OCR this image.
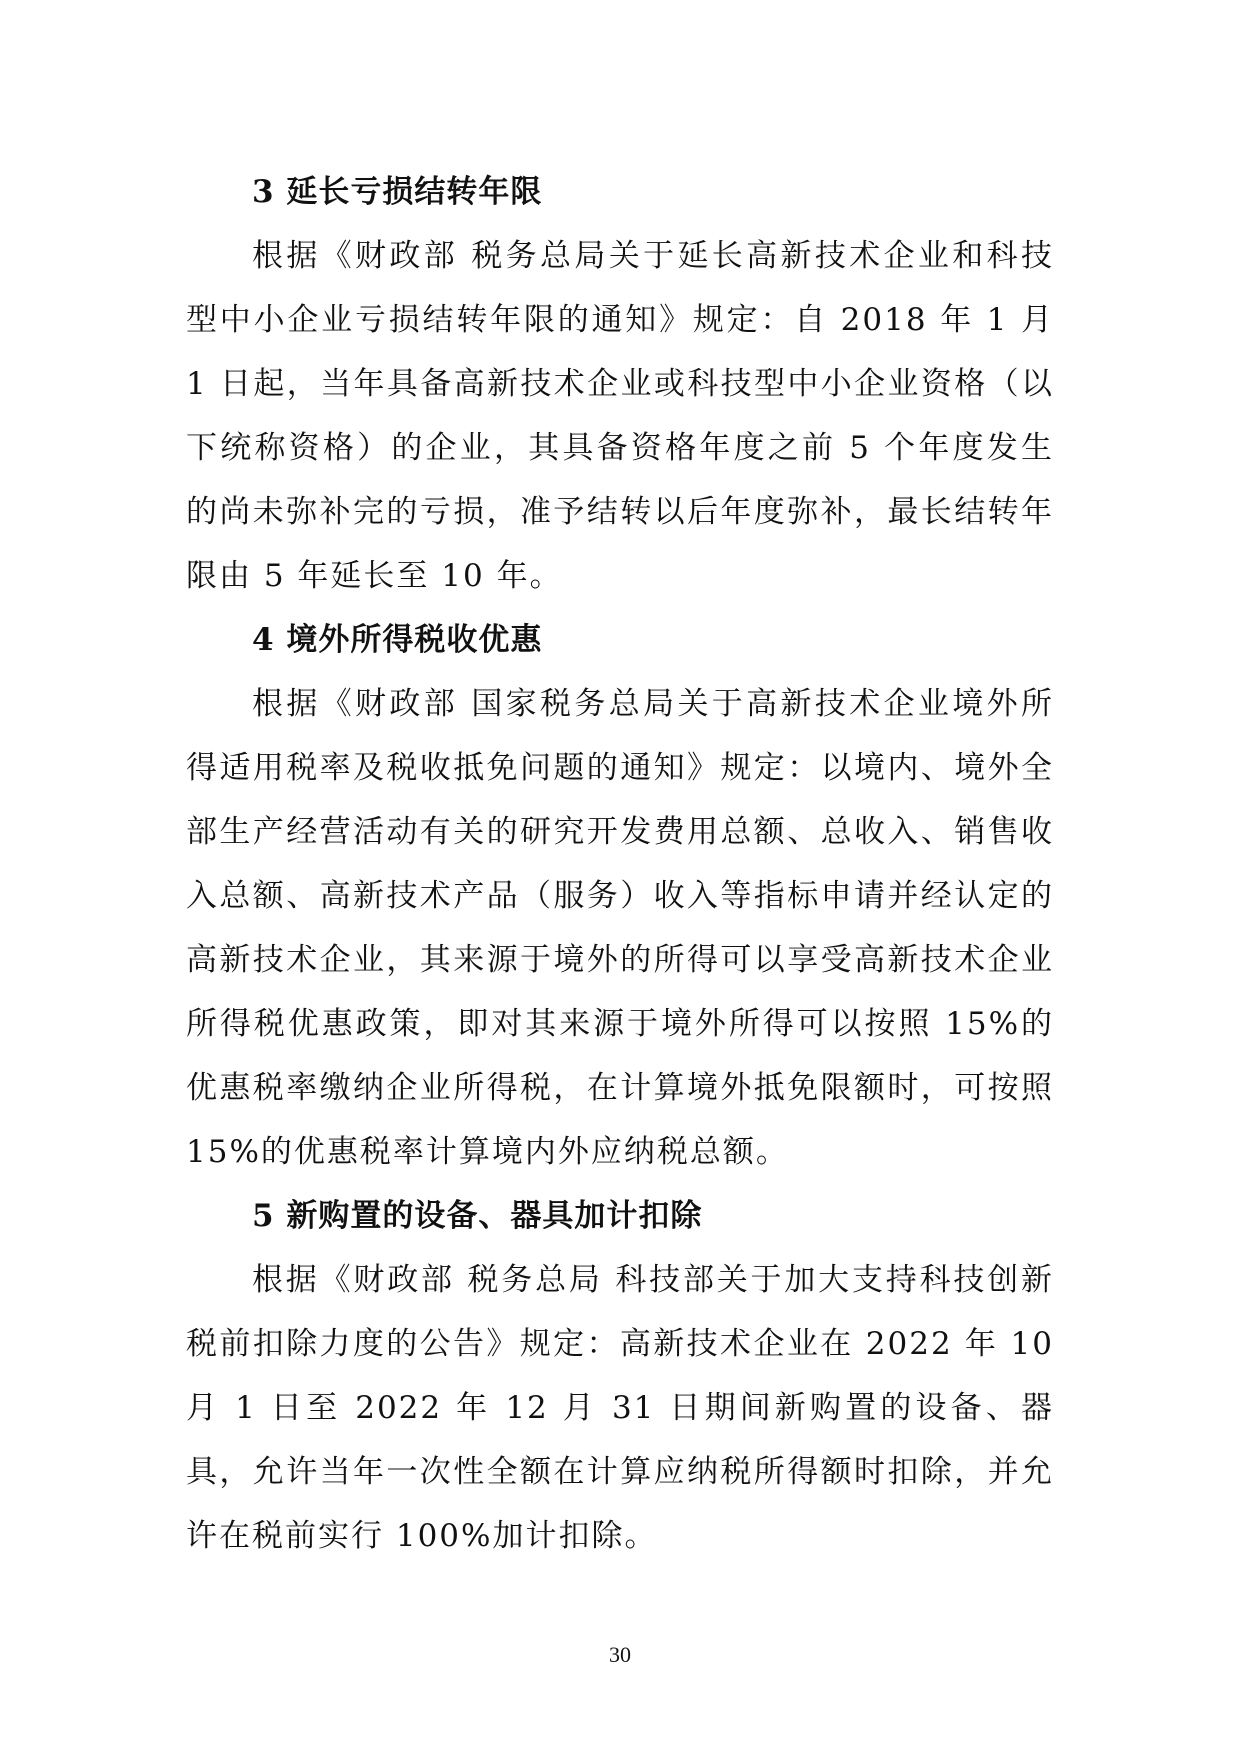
3 延长亏损结转年限

根据《财政部 税务总局关于延长高新技术企业和科技型中小企业亏损结转年限的通知》规定：自 2018 年 1 月 1 日起，当年具备高新技术企业或科技型中小企业资格（以下统称资格）的企业，其具备资格年度之前 5 个年度发生的尚未弥补完的亏损，准予结转以后年度弥补，最长结转年限由 5 年延长至 10 年。

4 境外所得税收优惠

根据《财政部 国家税务总局关于高新技术企业境外所得适用税率及税收抵免问题的通知》规定：以境内、境外全部生产经营活动有关的研究开发费用总额、总收入、销售收入总额、高新技术产品（服务）收入等指标申请并经认定的高新技术企业，其来源于境外的所得可以享受高新技术企业所得税优惠政策，即对其来源于境外所得可以按照 15%的优惠税率缴纳企业所得税，在计算境外抵免限额时，可按照 15%的优惠税率计算境内外应纳税总额。

5 新购置的设备、器具加计扣除

根据《财政部 税务总局 科技部关于加大支持科技创新税前扣除力度的公告》规定：高新技术企业在 2022 年 10 月 1 日至 2022 年 12 月 31 日期间新购置的设备、器具，允许当年一次性全额在计算应纳税所得额时扣除，并允许在税前实行 100%加计扣除。

30
